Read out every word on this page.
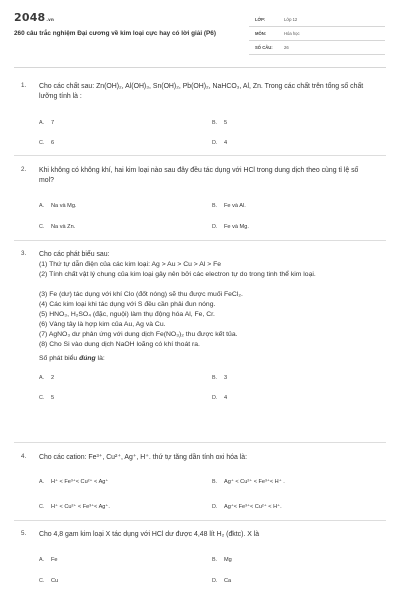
2048.vn
260 câu trắc nghiệm Đại cương về kim loại cực hay có lời giải (P6)
LỚP:	Lớp 12
MÔN:	Hóa học
SỐ CÂU:	26
1. Cho các chất sau: Zn(OH)₂, Al(OH)₃, Sn(OH)₂, Pb(OH)₂, NaHCO₃, Al, Zn. Trong các chất trên tổng số chất lưỡng tính là :
A. 7	B. 5
C. 6	D. 4
2. Khi không có không khí, hai kim loại nào sau đây đều tác dụng với HCl trong dung dịch theo cùng tỉ lệ số mol?
A. Na và Mg.	B. Fe và Al.
C. Na và Zn.	D. Fe và Mg.
3. Cho các phát biểu sau:
(1) Thứ tự dẫn điện của các kim loại: Ag > Au > Cu > Al > Fe
(2) Tính chất vật lý chung của kim loại gây nên bởi các electron tự do trong tinh thể kim loại.
(3) Fe (dư) tác dụng với khí Clo (đốt nóng) sẽ thu được muối FeCl₂.
(4) Các kim loại khi tác dụng với S đều cần phải đun nóng.
(5) HNO₃, H₂SO₄ (đặc, nguội) làm thụ động hóa Al, Fe, Cr.
(6) Vàng tây là hợp kim của Au, Ag và Cu.
(7) AgNO₃ dư phản ứng với dung dịch Fe(NO₃)₂ thu được kết tủa.
(8) Cho Si vào dung dịch NaOH loãng có khí thoát ra.
Số phát biểu đúng là:
A. 2	B. 3
C. 5	D. 4
4. Cho các cation: Fe³⁺, Cu²⁺, Ag⁺, H⁺. thứ tự tăng dần tính oxi hóa là:
A. H⁺ < Fe³⁺< Cu²⁺ < Ag⁺	B. Ag⁺ < Cu²⁺ < Fe³⁺< H⁺ .
C. H⁺ < Cu²⁺ < Fe³⁺< Ag⁺.	D. Ag⁺< Fe³⁺< Cu²⁺ < H⁺.
5. Cho 4,8 gam kim loại X tác dụng với HCl dư được 4,48 lít H₂ (đktc). X là
A. Fe	B. Mg
C. Cu	D. Ca
